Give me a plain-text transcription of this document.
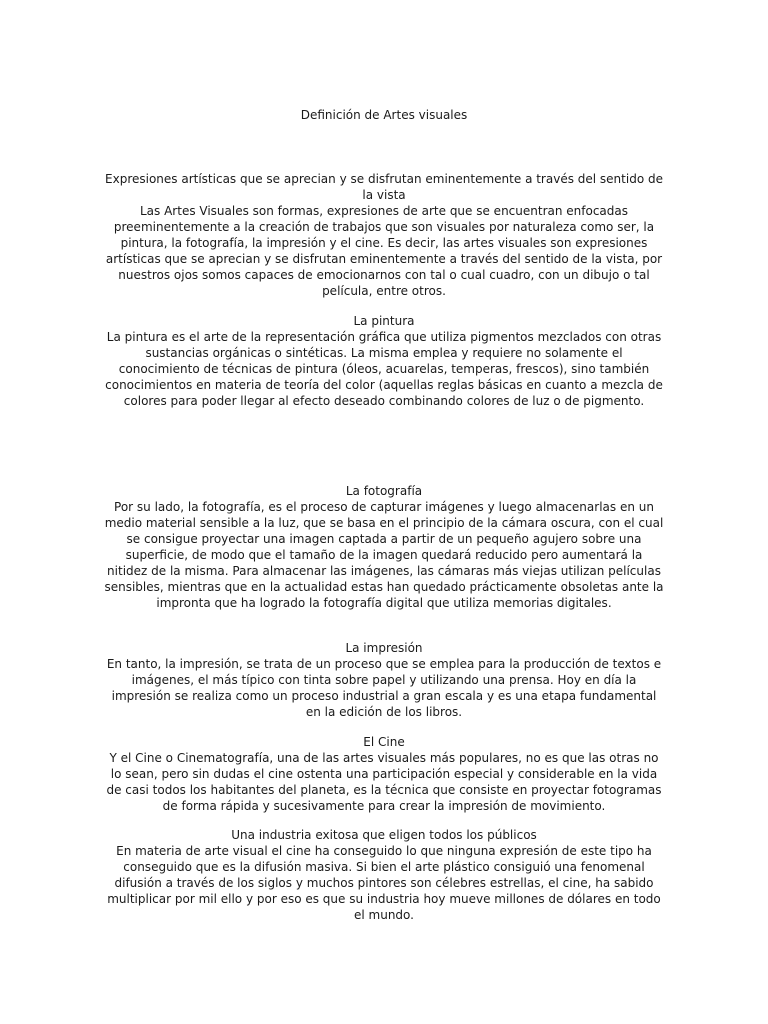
Definición de Artes visuales

Expresiones artísticas que se aprecian y se disfrutan eminentemente a través del sentido de la vista

Las Artes Visuales son formas, expresiones de arte que se encuentran enfocadas preeminentemente a la creación de trabajos que son visuales por naturaleza como ser, la pintura, la fotografía, la impresión y el cine. Es decir, las artes visuales son expresiones artísticas que se aprecian y se disfrutan eminentemente a través del sentido de la vista, por nuestros ojos somos capaces de emocionarnos con tal o cual cuadro, con un dibujo o tal película, entre otros.

La pintura

La pintura es el arte de la representación gráfica que utiliza pigmentos mezclados con otras sustancias orgánicas o sintéticas. La misma emplea y requiere no solamente el conocimiento de técnicas de pintura (óleos, acuarelas, temperas, frescos), sino también conocimientos en materia de teoría del color (aquellas reglas básicas en cuanto a mezcla de colores para poder llegar al efecto deseado combinando colores de luz o de pigmento.

La fotografía

Por su lado, la fotografía, es el proceso de capturar imágenes y luego almacenarlas en un medio material sensible a la luz, que se basa en el principio de la cámara oscura, con el cual se consigue proyectar una imagen captada a partir de un pequeño agujero sobre una superficie, de modo que el tamaño de la imagen quedará reducido pero aumentará la nitidez de la misma. Para almacenar las imágenes, las cámaras más viejas utilizan películas sensibles, mientras que en la actualidad estas han quedado prácticamente obsoletas ante la impronta que ha logrado la fotografía digital que utiliza memorias digitales.

La impresión

En tanto, la impresión, se trata de un proceso que se emplea para la producción de textos e imágenes, el más típico con tinta sobre papel y utilizando una prensa. Hoy en día la impresión se realiza como un proceso industrial a gran escala y es una etapa fundamental en la edición de los libros.

El Cine

Y el Cine o Cinematografía, una de las artes visuales más populares, no es que las otras no lo sean, pero sin dudas el cine ostenta una participación especial y considerable en la vida de casi todos los habitantes del planeta, es la técnica que consiste en proyectar fotogramas de forma rápida y sucesivamente para crear la impresión de movimiento.

Una industria exitosa que eligen todos los públicos

En materia de arte visual el cine ha conseguido lo que ninguna expresión de este tipo ha conseguido que es la difusión masiva. Si bien el arte plástico consiguió una fenomenal difusión a través de los siglos y muchos pintores son célebres estrellas, el cine, ha sabido multiplicar por mil ello y por eso es que su industria hoy mueve millones de dólares en todo el mundo.
